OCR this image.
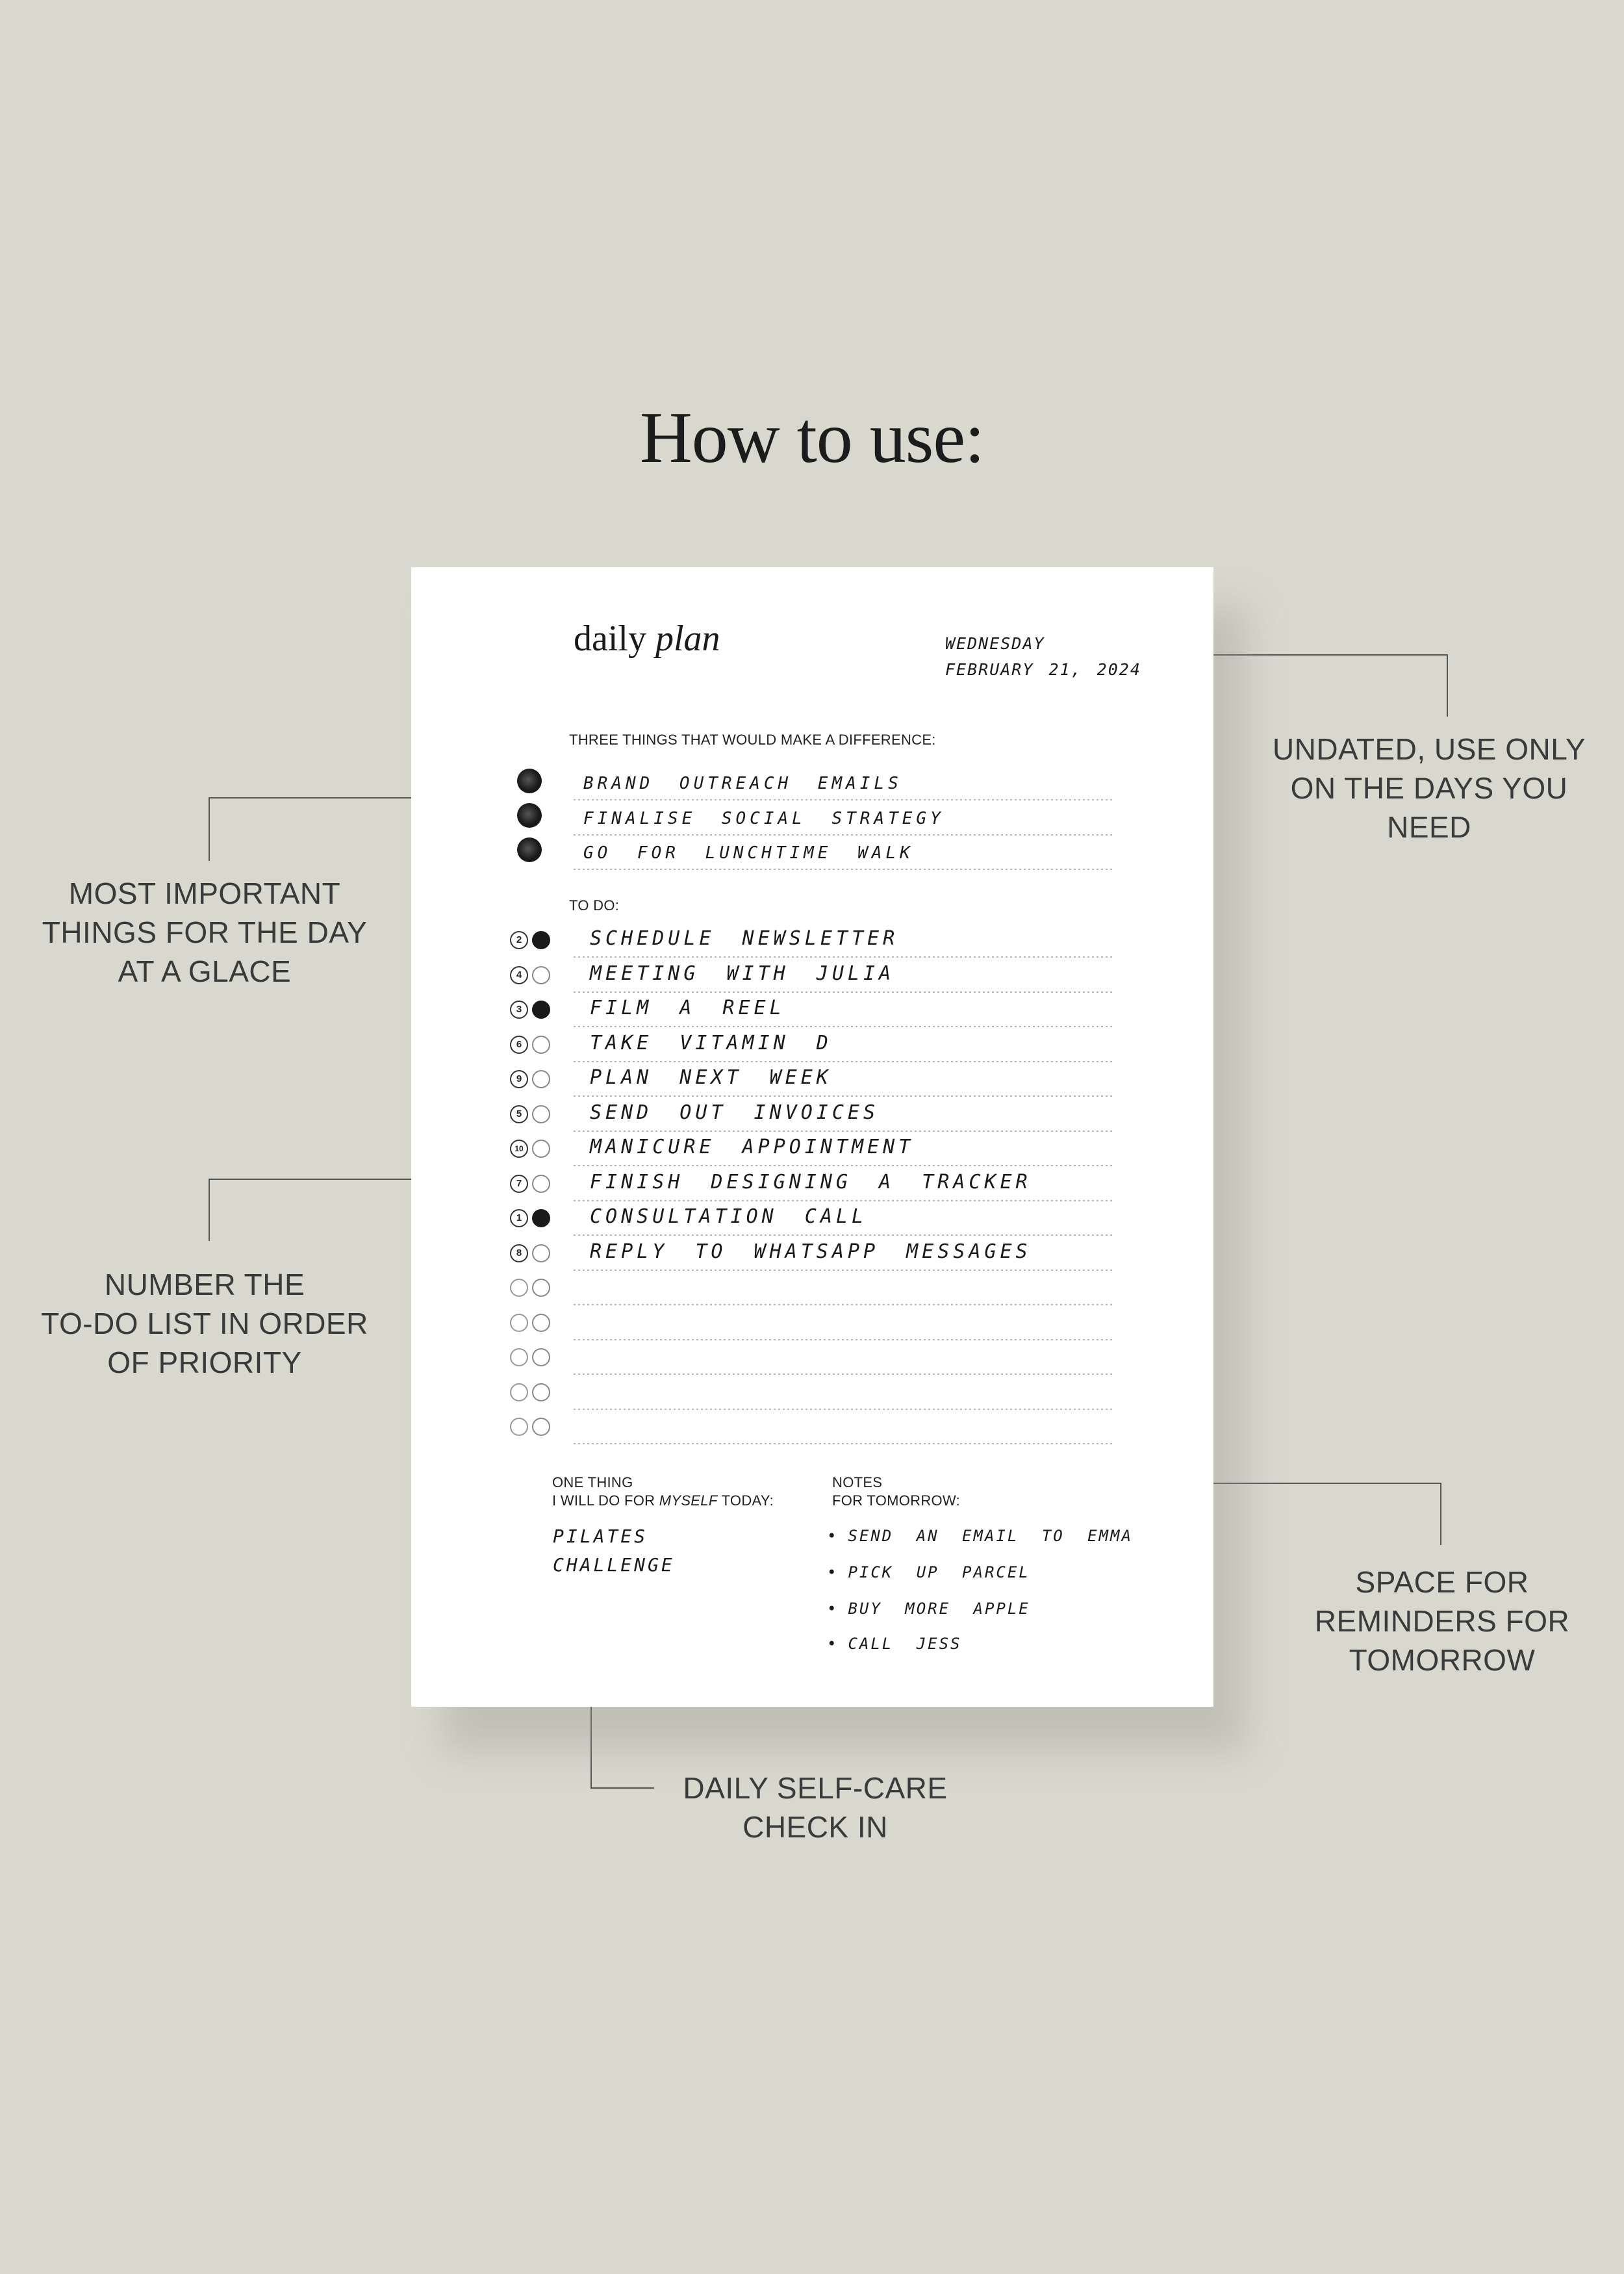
How to use:
UNDATED, USE ONLY
ON THE DAYS YOU
NEED
MOST IMPORTANT
THINGS FOR THE DAY
AT A GLACE
NUMBER THE
TO-DO LIST IN ORDER
OF PRIORITY
SPACE FOR
REMINDERS FOR
TOMORROW
DAILY SELF-CARE
CHECK IN
daily plan	WEDNESDAY
FEBRUARY 21, 2024
THREE THINGS THAT WOULD MAKE A DIFFERENCE:
BRAND OUTREACH EMAILS
FINALISE SOCIAL STRATEGY
GO FOR LUNCHTIME WALK
TO DO:
2	SCHEDULE NEWSLETTER
4	MEETING WITH JULIA
3	FILM A REEL
6	TAKE VITAMIN D
9	PLAN NEXT WEEK
5	SEND OUT INVOICES
10	MANICURE APPOINTMENT
7	FINISH DESIGNING A TRACKER
1	CONSULTATION CALL
8	REPLY TO WHATSAPP MESSAGES
ONE THING
I WILL DO FOR MYSELF TODAY:
PILATES
CHALLENGE
NOTES
FOR TOMORROW:
• SEND AN EMAIL TO EMMA
• PICK UP PARCEL
• BUY MORE APPLE
• CALL JESS
